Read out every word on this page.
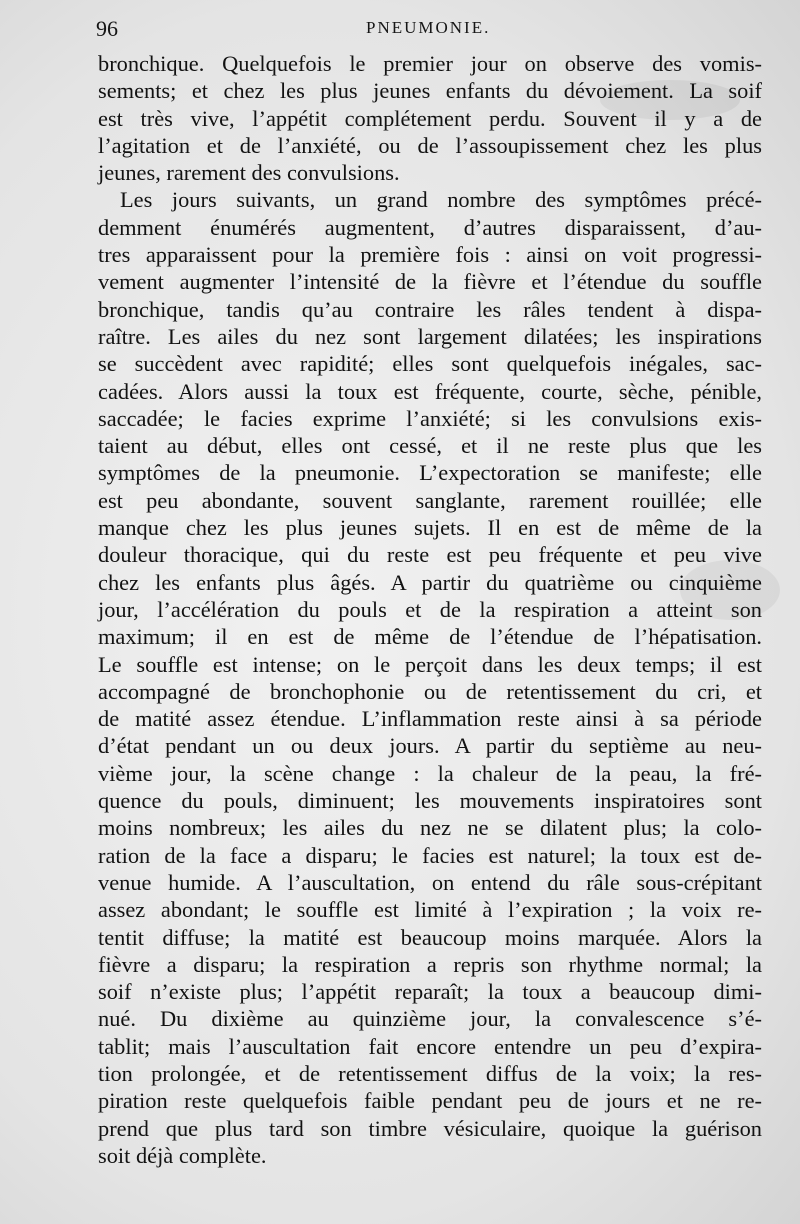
96	PNEUMONIE.
bronchique. Quelquefois le premier jour on observe des vomis-
sements; et chez les plus jeunes enfants du dévoiement. La soif
est très vive, l’appétit complétement perdu. Souvent il y a de
l’agitation et de l’anxiété, ou de l’assoupissement chez les plus
jeunes, rarement des convulsions.
Les jours suivants, un grand nombre des symptômes précé-
demment énumérés augmentent, d’autres disparaissent, d’au-
tres apparaissent pour la première fois : ainsi on voit progressi-
vement augmenter l’intensité de la fièvre et l’étendue du souffle
bronchique, tandis qu’au contraire les râles tendent à dispa-
raître. Les ailes du nez sont largement dilatées; les inspirations
se succèdent avec rapidité; elles sont quelquefois inégales, sac-
cadées. Alors aussi la toux est fréquente, courte, sèche, pénible,
saccadée; le facies exprime l’anxiété; si les convulsions exis-
taient au début, elles ont cessé, et il ne reste plus que les
symptômes de la pneumonie. L’expectoration se manifeste; elle
est peu abondante, souvent sanglante, rarement rouillée; elle
manque chez les plus jeunes sujets. Il en est de même de la
douleur thoracique, qui du reste est peu fréquente et peu vive
chez les enfants plus âgés. A partir du quatrième ou cinquième
jour, l’accélération du pouls et de la respiration a atteint son
maximum; il en est de même de l’étendue de l’hépatisation.
Le souffle est intense; on le perçoit dans les deux temps; il est
accompagné de bronchophonie ou de retentissement du cri, et
de matité assez étendue. L’inflammation reste ainsi à sa période
d’état pendant un ou deux jours. A partir du septième au neu-
vième jour, la scène change : la chaleur de la peau, la fré-
quence du pouls, diminuent; les mouvements inspiratoires sont
moins nombreux; les ailes du nez ne se dilatent plus; la colo-
ration de la face a disparu; le facies est naturel; la toux est de-
venue humide. A l’auscultation, on entend du râle sous-crépitant
assez abondant; le souffle est limité à l’expiration ; la voix re-
tentit diffuse; la matité est beaucoup moins marquée. Alors la
fièvre a disparu; la respiration a repris son rhythme normal; la
soif n’existe plus; l’appétit reparaît; la toux a beaucoup dimi-
nué. Du dixième au quinzième jour, la convalescence s’é-
tablit; mais l’auscultation fait encore entendre un peu d’expira-
tion prolongée, et de retentissement diffus de la voix; la res-
piration reste quelquefois faible pendant peu de jours et ne re-
prend que plus tard son timbre vésiculaire, quoique la guérison
soit déjà complète.
